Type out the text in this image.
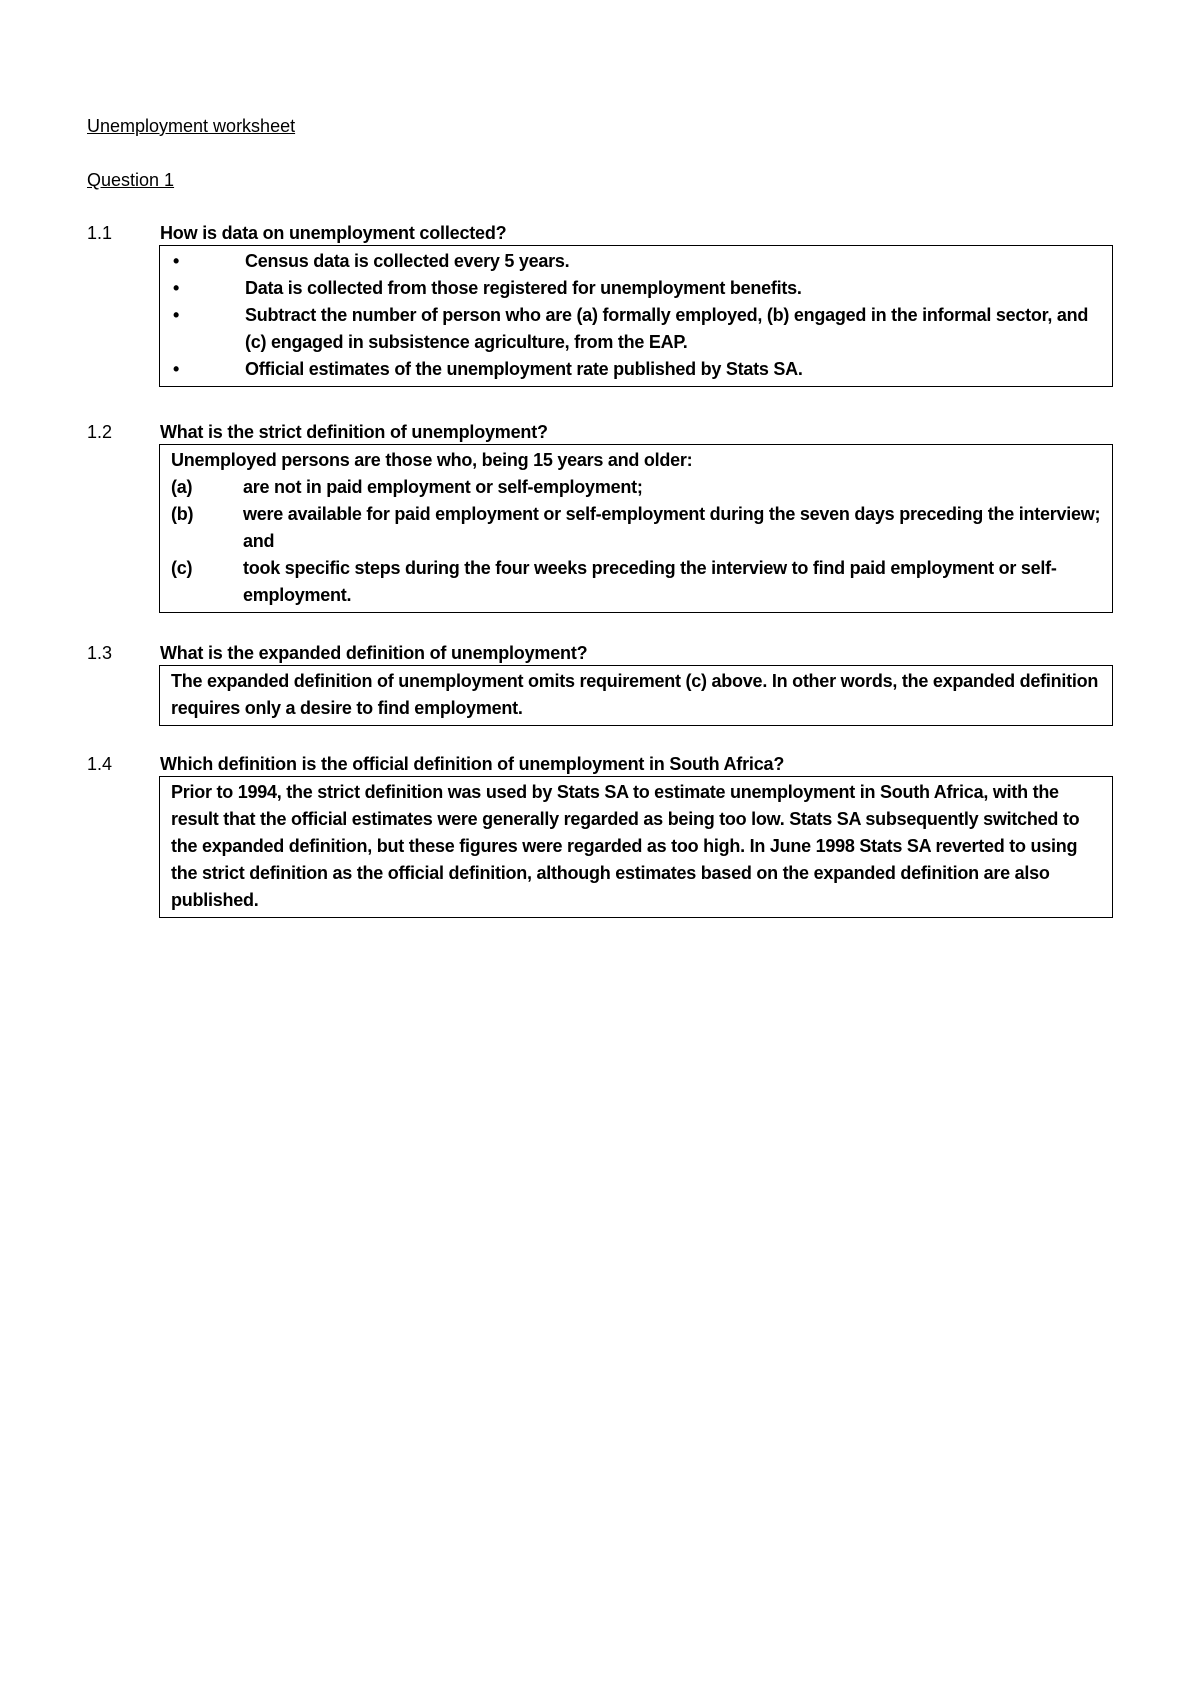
Unemployment worksheet
Question 1
1.1	How is data on unemployment collected?
•	Census data is collected every 5 years.
•	Data is collected from those registered for unemployment benefits.
•	Subtract the number of person who are (a) formally employed, (b) engaged in the informal sector, and (c) engaged in subsistence agriculture, from the EAP.
•	Official estimates of the unemployment rate published by Stats SA.
1.2	What is the strict definition of unemployment?
Unemployed persons are those who, being 15 years and older:
(a)	are not in paid employment or self-employment;
(b)	were available for paid employment or self-employment during the seven days preceding the interview; and
(c)	took specific steps during the four weeks preceding the interview to find paid employment or self-employment.
1.3	What is the expanded definition of unemployment?
The expanded definition of unemployment omits requirement (c) above. In other words, the expanded definition requires only a desire to find employment.
1.4	Which definition is the official definition of unemployment in South Africa?
Prior to 1994, the strict definition was used by Stats SA to estimate unemployment in South Africa, with the result that the official estimates were generally regarded as being too low. Stats SA subsequently switched to the expanded definition, but these figures were regarded as too high. In June 1998 Stats SA reverted to using the strict definition as the official definition, although estimates based on the expanded definition are also published.
